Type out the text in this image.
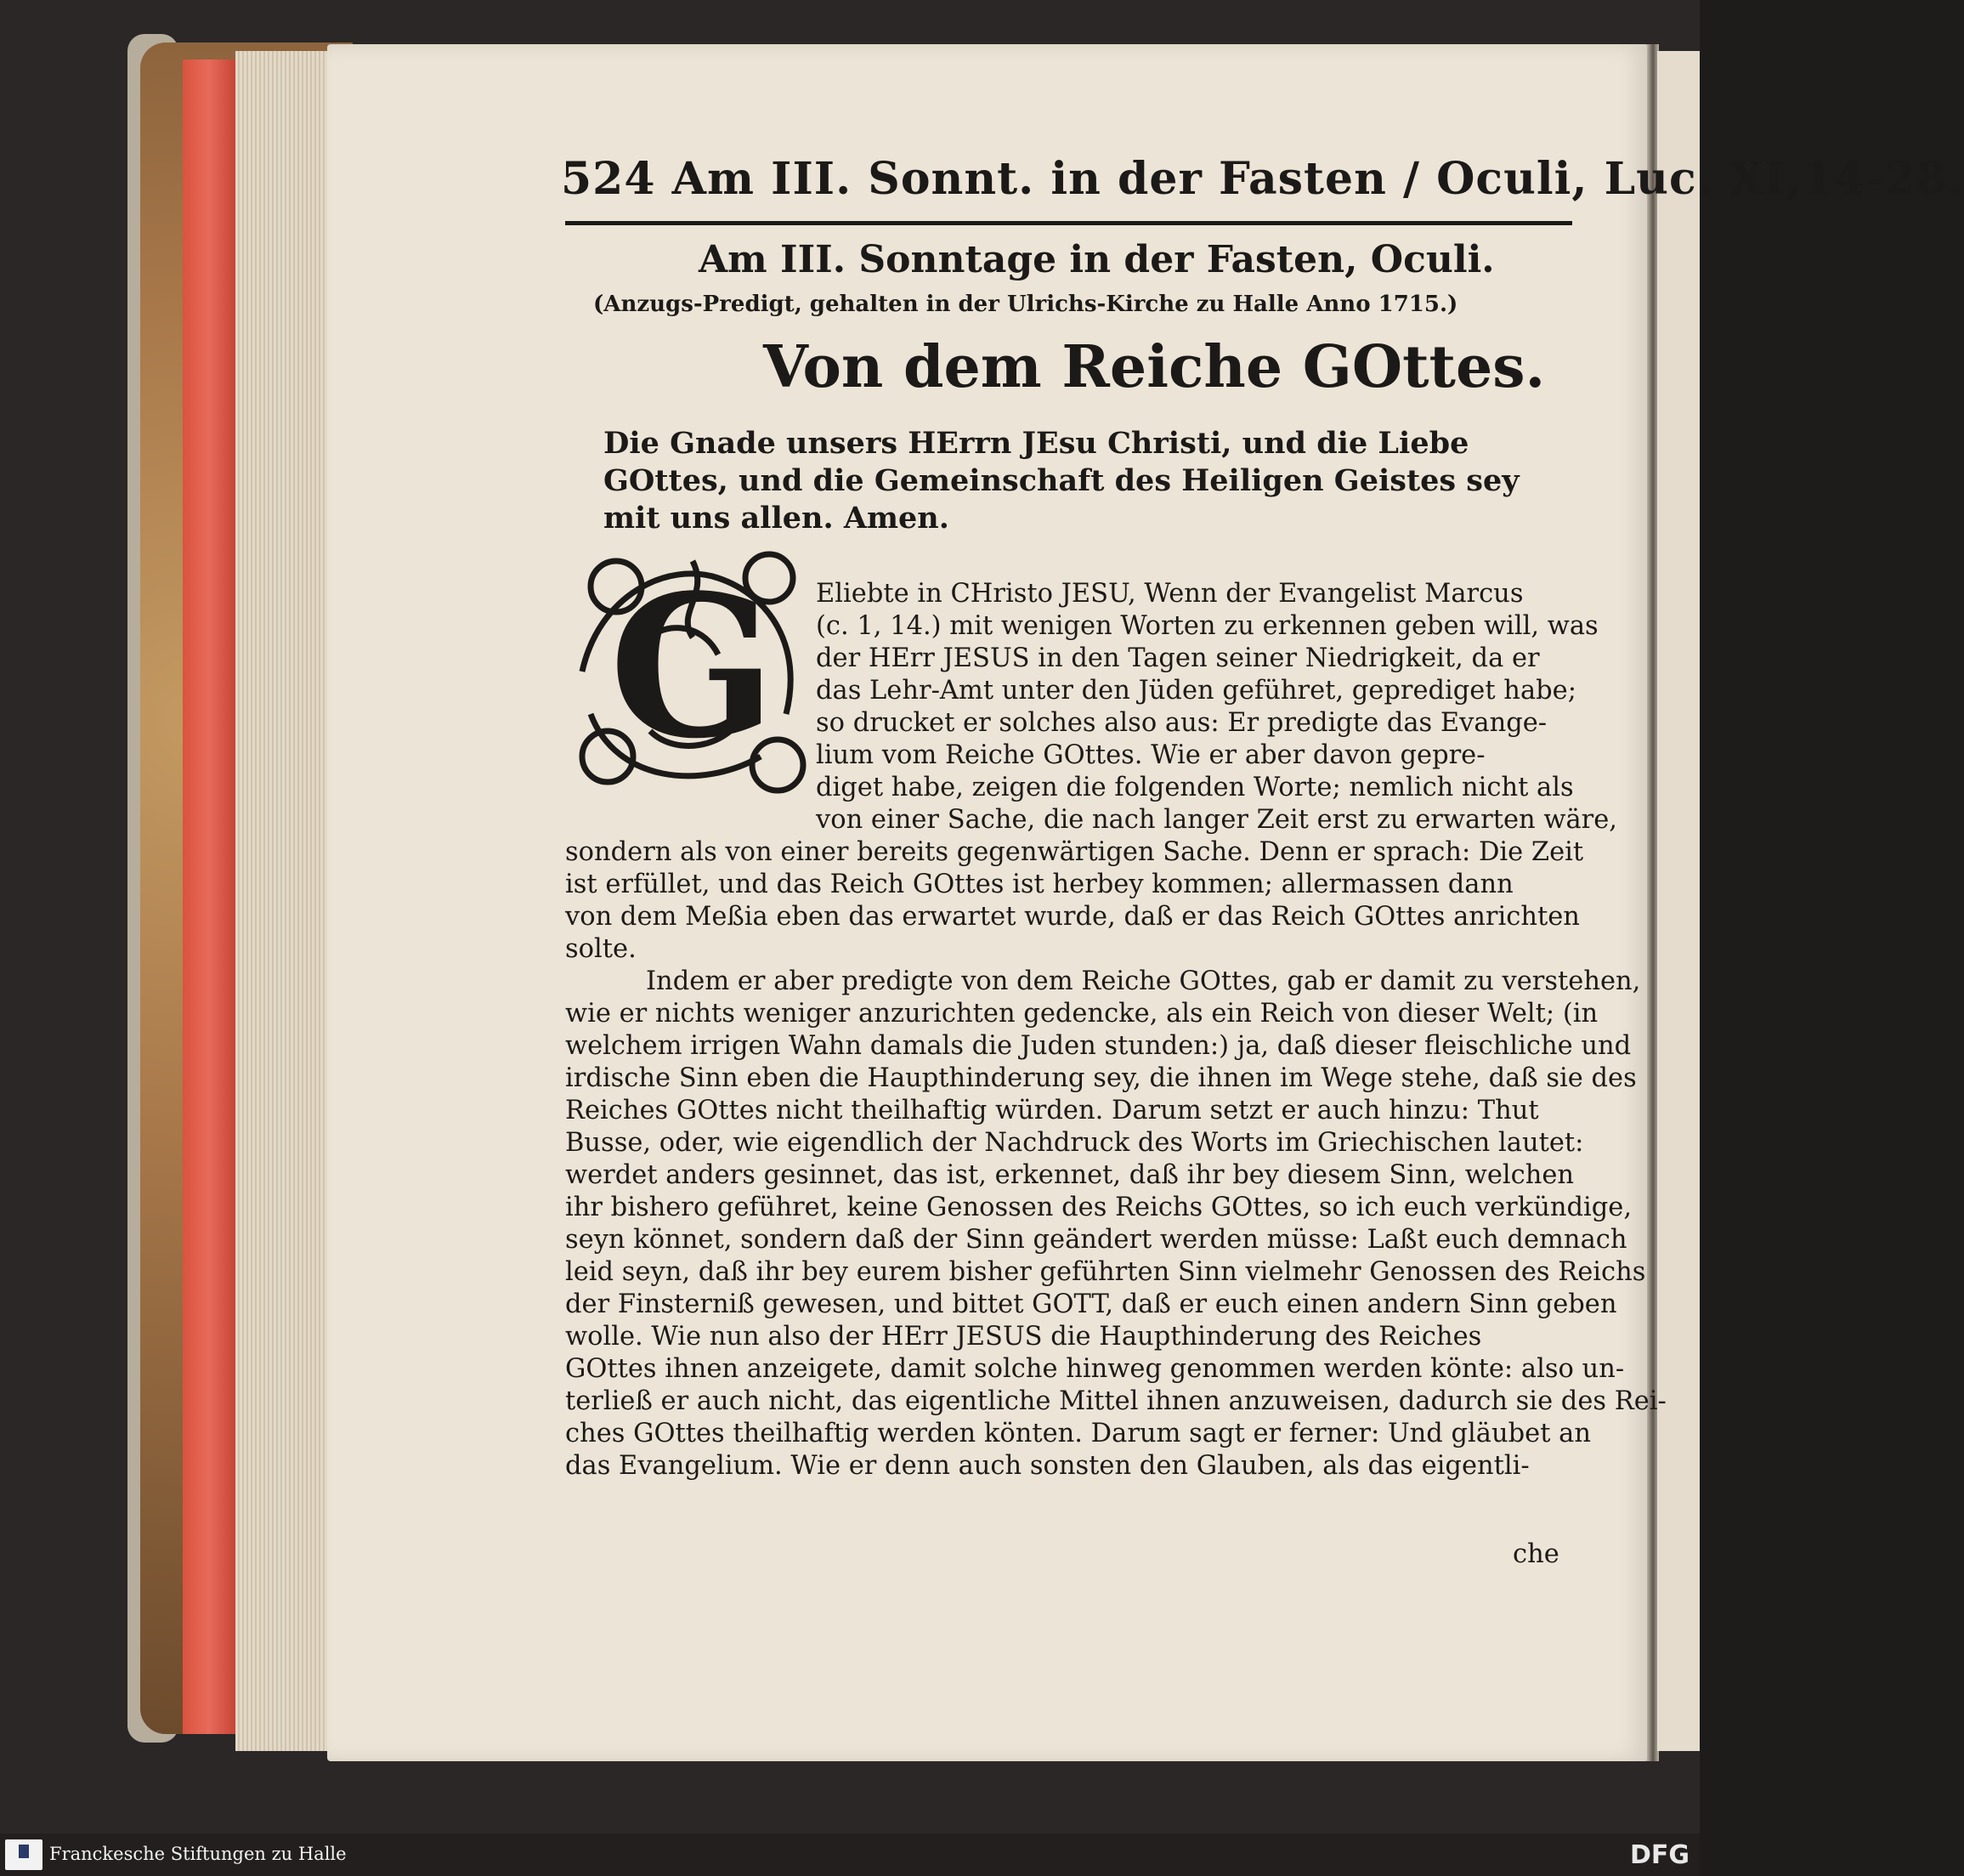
524 Am III. Sonnt. in der Fasten / Oculi, Luc. XI,14-28.
Am III. Sonntage in der Fasten, Oculi.
(Anzugs-Predigt, gehalten in der Ulrichs-Kirche zu Halle Anno 1715.)
Von dem Reiche GOttes.
Die Gnade unsers HErrn JEsu Christi, und die Liebe GOttes, und die Gemeinschaft des Heiligen Geistes sey mit uns allen. Amen.
G Eliebte in CHristo JESU, Wenn der Evangelist Marcus
(c. 1, 14.) mit wenigen Worten zu erkennen geben will, was
der HErr JESUS in den Tagen seiner Niedrigkeit, da er
das Lehr-Amt unter den Jüden geführet, geprediget habe;
so drucket er solches also aus: Er predigte das Evange-
lium vom Reiche GOttes. Wie er aber davon gepre-
diget habe, zeigen die folgenden Worte; nemlich nicht als
von einer Sache, die nach langer Zeit erst zu erwarten wäre,
sondern als von einer bereits gegenwärtigen Sache. Denn er sprach: Die Zeit
ist erfüllet, und das Reich GOttes ist herbey kommen; allermassen dann
von dem Meßia eben das erwartet wurde, daß er das Reich GOttes anrichten
solte.
Indem er aber predigte von dem Reiche GOttes, gab er damit zu verstehen,
wie er nichts weniger anzurichten gedencke, als ein Reich von dieser Welt; (in
welchem irrigen Wahn damals die Juden stunden:) ja, daß dieser fleischliche und
irdische Sinn eben die Haupthinderung sey, die ihnen im Wege stehe, daß sie des
Reiches GOttes nicht theilhaftig würden. Darum setzt er auch hinzu: Thut
Busse, oder, wie eigendlich der Nachdruck des Worts im Griechischen lautet:
werdet anders gesinnet, das ist, erkennet, daß ihr bey diesem Sinn, welchen
ihr bishero geführet, keine Genossen des Reichs GOttes, so ich euch verkündige,
seyn könnet, sondern daß der Sinn geändert werden müsse: Laßt euch demnach
leid seyn, daß ihr bey eurem bisher geführten Sinn vielmehr Genossen des Reichs
der Finsterniß gewesen, und bittet GOTT, daß er euch einen andern Sinn geben
wolle. Wie nun also der HErr JESUS die Haupthinderung des Reiches
GOttes ihnen anzeigete, damit solche hinweg genommen werden könte: also un-
terließ er auch nicht, das eigentliche Mittel ihnen anzuweisen, dadurch sie des Rei-
ches GOttes theilhaftig werden könten. Darum sagt er ferner: Und gläubet an
das Evangelium. Wie er denn auch sonsten den Glauben, als das eigentli-
che
Franckesche Stiftungen zu Halle	DFG
